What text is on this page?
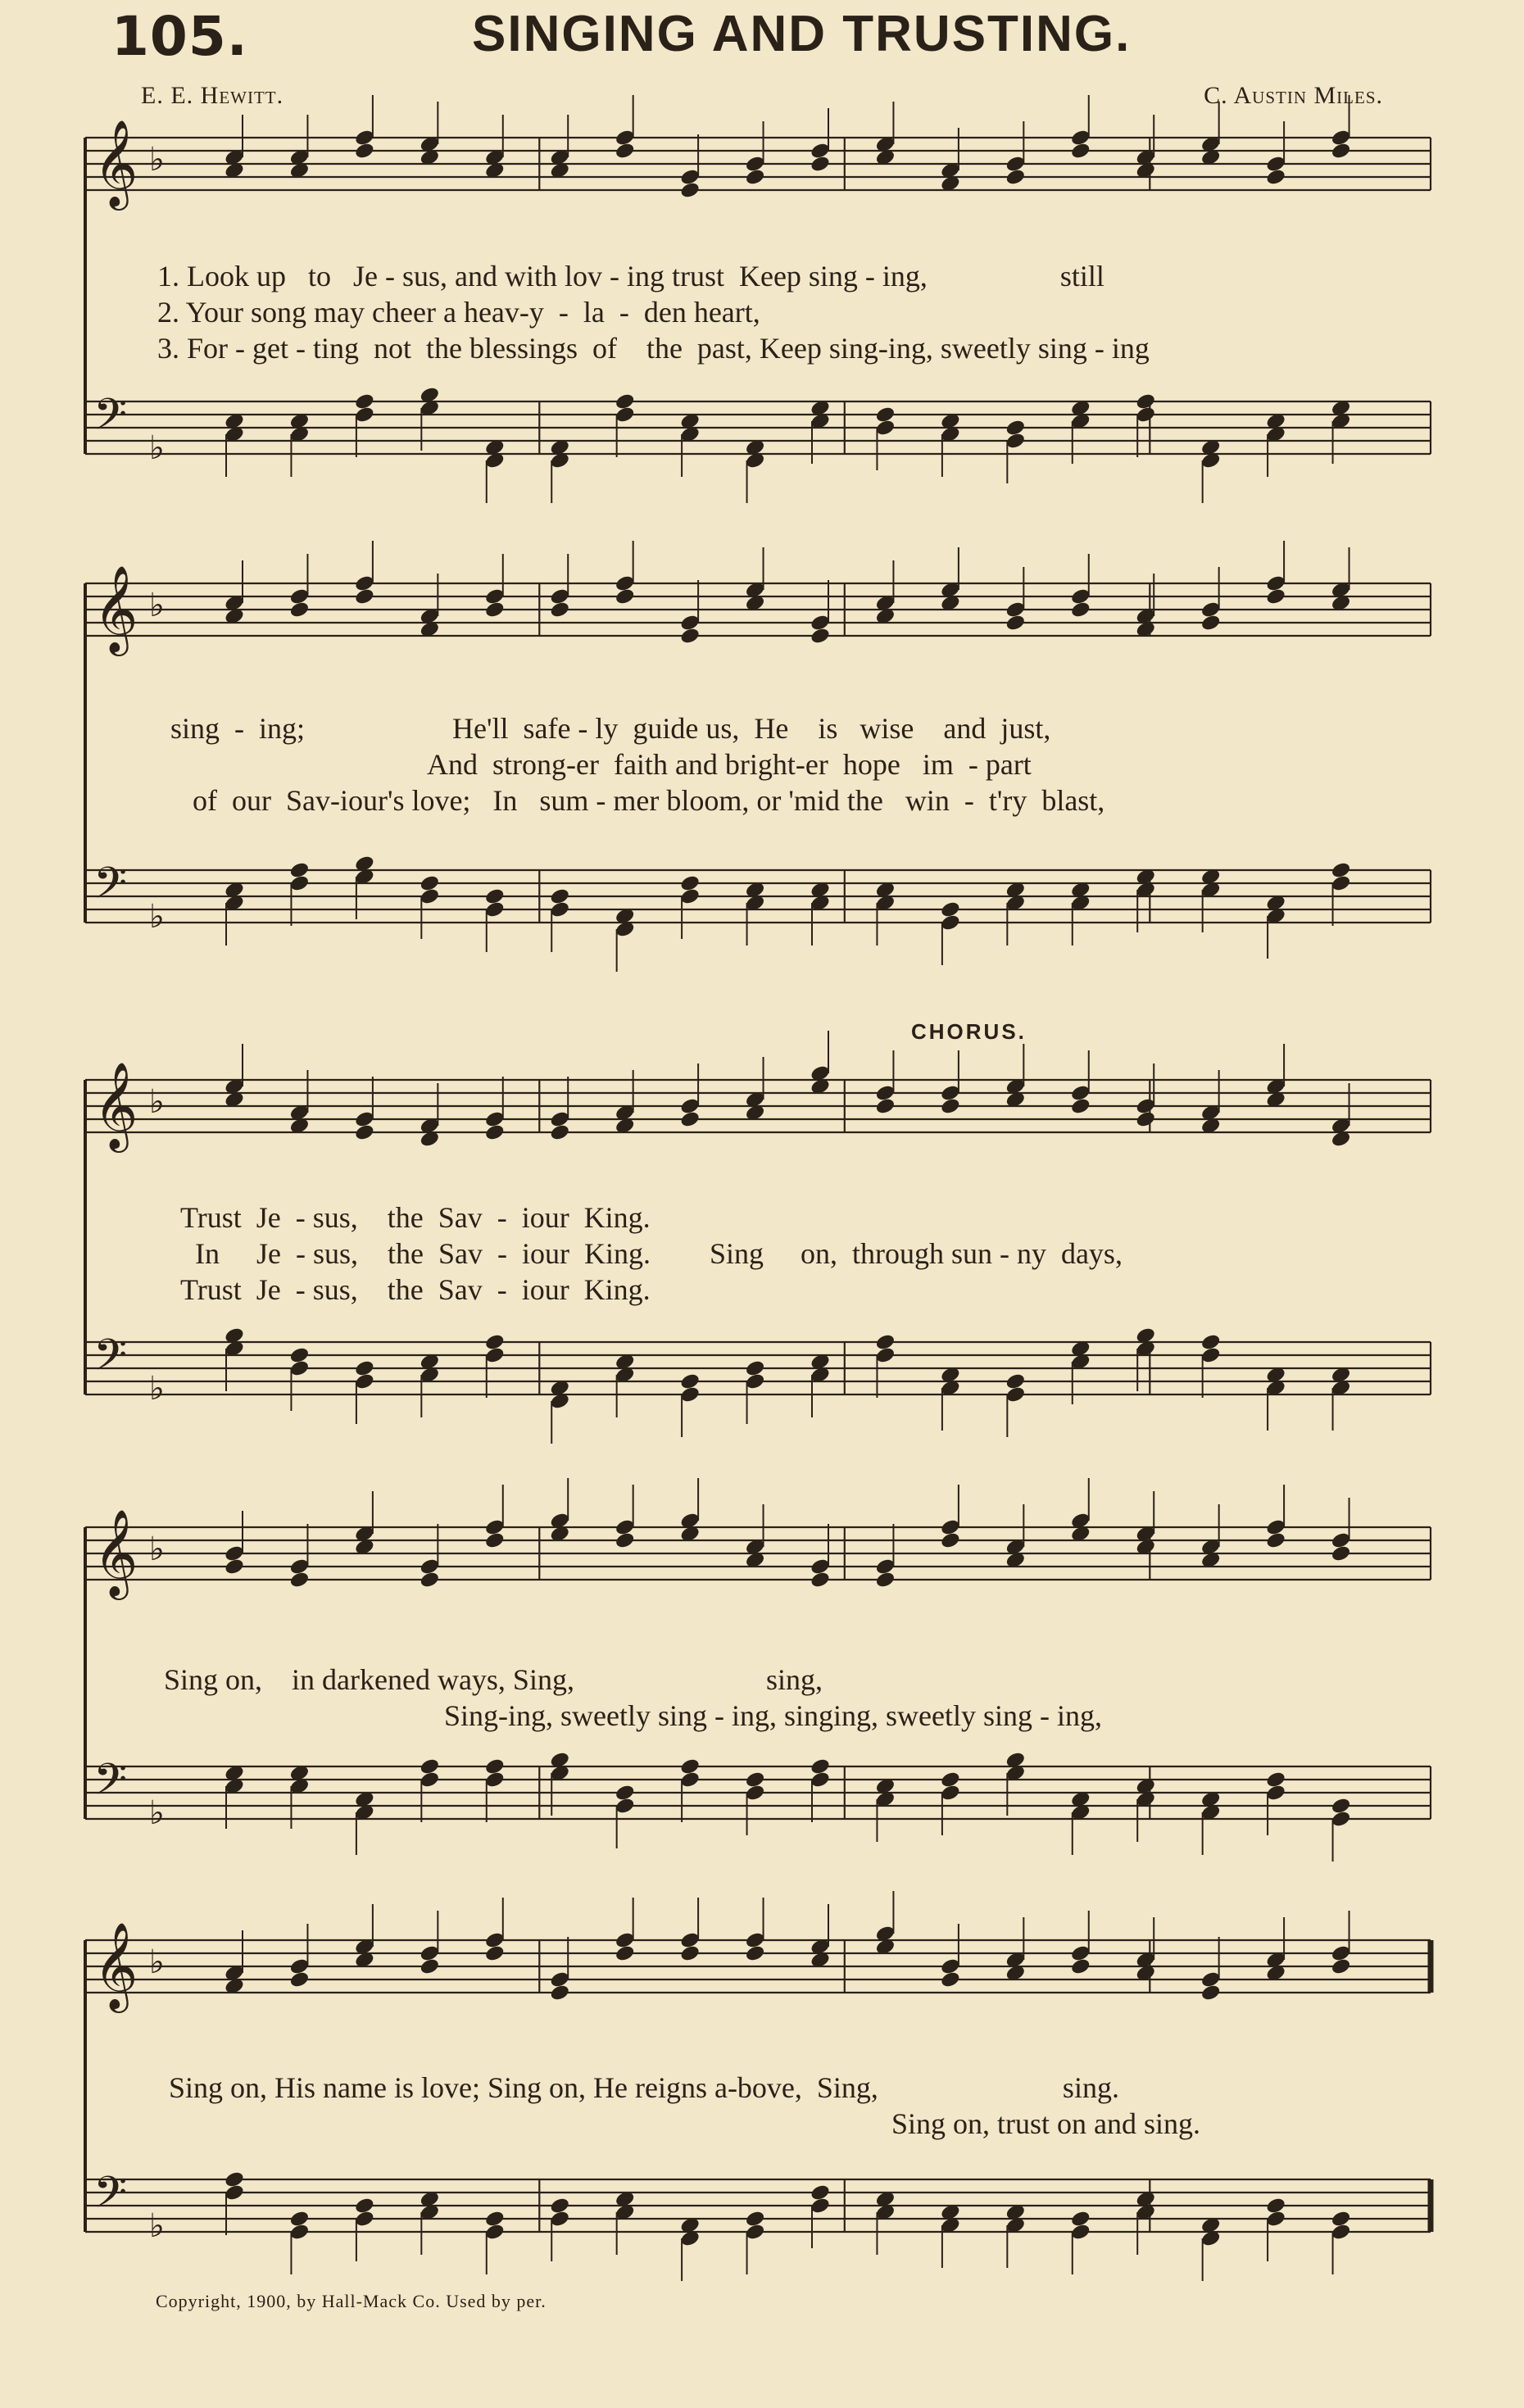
105.	SINGING AND TRUSTING.
E. E. Hewitt.	C. Austin Miles.
𝄞 ♭
𝄢 ♭
1. Look up   to   Je - sus, and with lov - ing trust  Keep sing - ing,                  still
2. Your song may cheer a heav-y  -  la  -  den heart,
3. For - get - ting  not  the blessings  of    the  past, Keep sing-ing, sweetly sing - ing
𝄞 ♭
𝄢 ♭
sing  -  ing;                    He'll  safe - ly  guide us,  He    is   wise    and  just,
And  strong-er  faith and bright-er  hope   im  - part
of  our  Sav-iour's love;   In   sum - mer bloom, or 'mid the   win  -  t'ry  blast,
CHORUS.
𝄞 ♭
𝄢 ♭
Trust  Je  - sus,    the  Sav  -  iour  King.
In     Je  - sus,    the  Sav  -  iour  King.        Sing     on,  through sun - ny  days,
Trust  Je  - sus,    the  Sav  -  iour  King.
𝄞 ♭
𝄢 ♭
Sing on,    in darkened ways, Sing,                          sing,
Sing-ing, sweetly sing - ing, singing, sweetly sing - ing,
𝄞 ♭
𝄢 ♭
Sing on, His name is love; Sing on, He reigns a-bove,  Sing,                         sing.
Sing on, trust on and sing.
Copyright, 1900, by Hall-Mack Co. Used by per.
